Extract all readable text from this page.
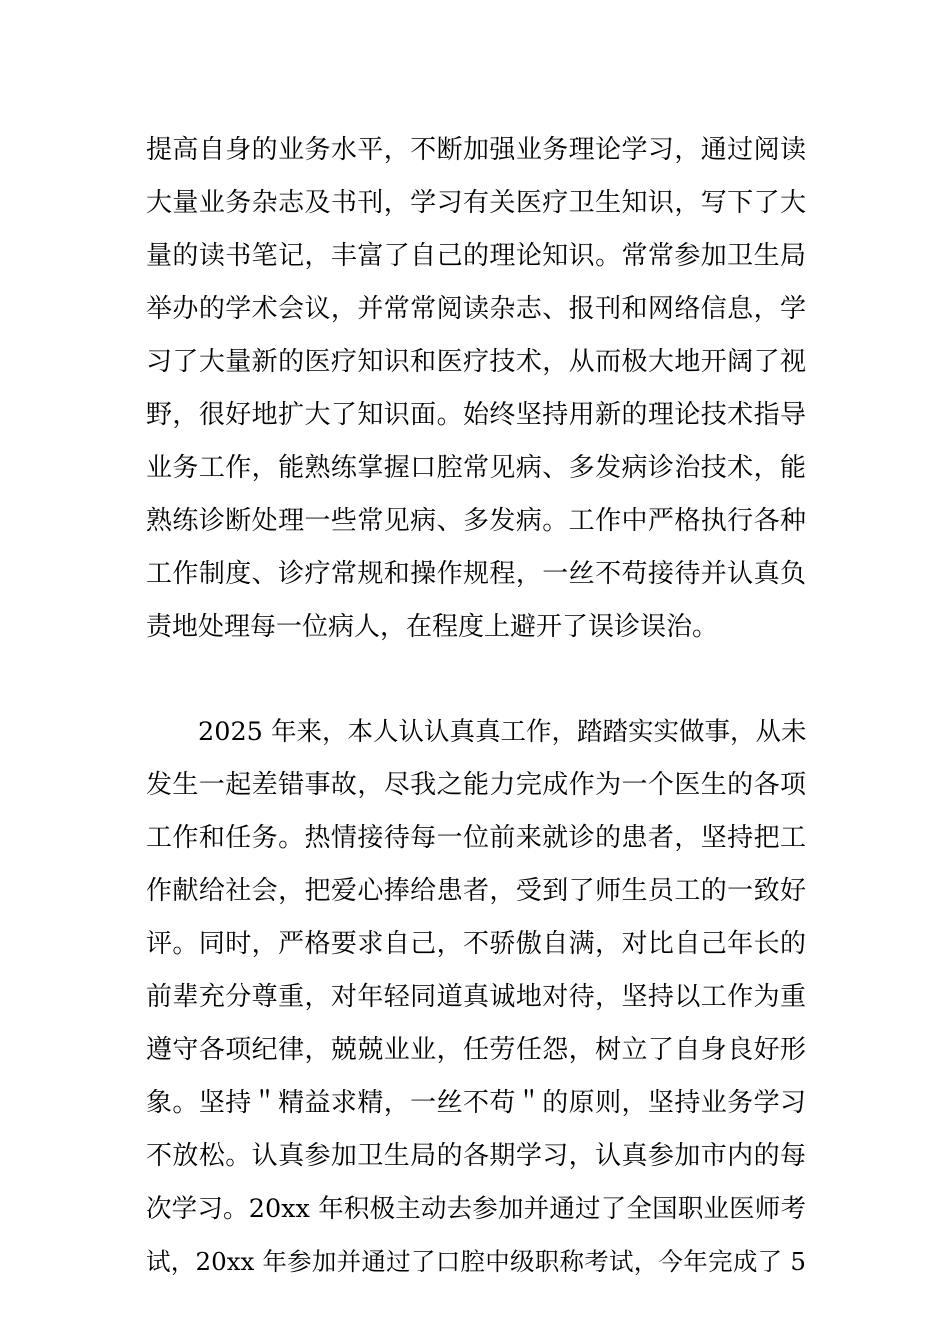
提高自身的业务水平，不断加强业务理论学习，通过阅读
大量业务杂志及书刊，学习有关医疗卫生知识，写下了大
量的读书笔记，丰富了自己的理论知识。常常参加卫生局
举办的学术会议，并常常阅读杂志、报刊和网络信息，学
习了大量新的医疗知识和医疗技术，从而极大地开阔了视
野，很好地扩大了知识面。始终坚持用新的理论技术指导
业务工作，能熟练掌握口腔常见病、多发病诊治技术，能
熟练诊断处理一些常见病、多发病。工作中严格执行各种
工作制度、诊疗常规和操作规程，一丝不苟接待并认真负
责地处理每一位病人，在程度上避开了误诊误治。
2025 年来，本人认认真真工作，踏踏实实做事，从未
发生一起差错事故，尽我之能力完成作为一个医生的各项
工作和任务。热情接待每一位前来就诊的患者，坚持把工
作献给社会，把爱心捧给患者，受到了师生员工的一致好
评。同时，严格要求自己，不骄傲自满，对比自己年长的
前辈充分尊重，对年轻同道真诚地对待，坚持以工作为重
遵守各项纪律，兢兢业业，任劳任怨，树立了自身良好形
象。坚持＂精益求精，一丝不苟＂的原则，坚持业务学习
不放松。认真参加卫生局的各期学习，认真参加市内的每
次学习。20xx 年积极主动去参加并通过了全国职业医师考
试，20xx 年参加并通过了口腔中级职称考试，今年完成了 5
